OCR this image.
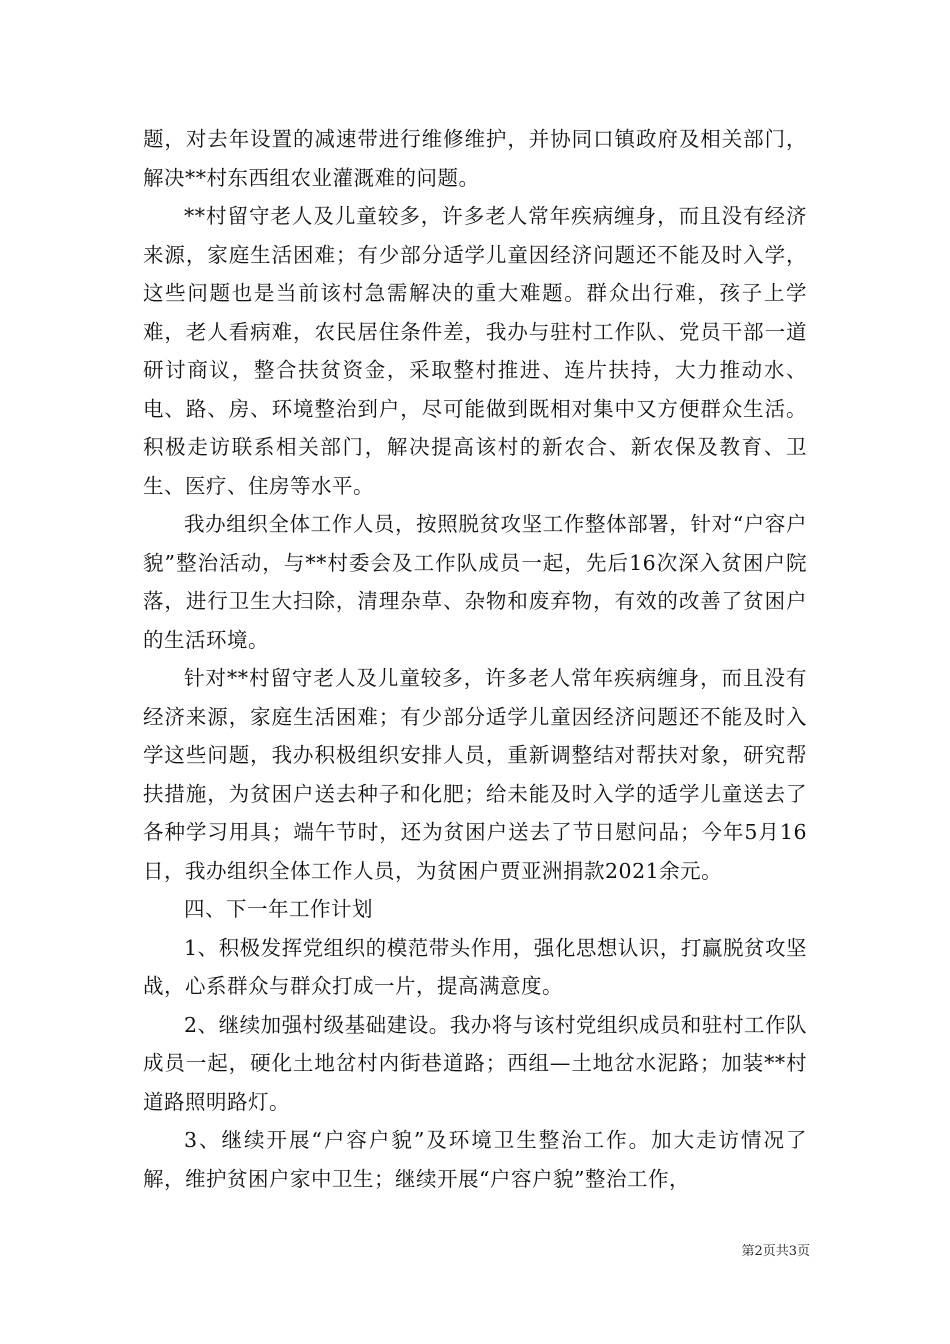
题，对去年设置的减速带进行维修维护，并协同口镇政府及相关部门，解决**村东西组农业灌溉难的问题。

**村留守老人及儿童较多，许多老人常年疾病缠身，而且没有经济来源，家庭生活困难；有少部分适学儿童因经济问题还不能及时入学，这些问题也是当前该村急需解决的重大难题。群众出行难，孩子上学难，老人看病难，农民居住条件差，我办与驻村工作队、党员干部一道研讨商议，整合扶贫资金，采取整村推进、连片扶持，大力推动水、电、路、房、环境整治到户，尽可能做到既相对集中又方便群众生活。积极走访联系相关部门，解决提高该村的新农合、新农保及教育、卫生、医疗、住房等水平。

我办组织全体工作人员，按照脱贫攻坚工作整体部署，针对“户容户貌”整治活动，与**村委会及工作队成员一起，先后16次深入贫困户院落，进行卫生大扫除，清理杂草、杂物和废弃物，有效的改善了贫困户的生活环境。

针对**村留守老人及儿童较多，许多老人常年疾病缠身，而且没有经济来源，家庭生活困难；有少部分适学儿童因经济问题还不能及时入学这些问题，我办积极组织安排人员，重新调整结对帮扶对象，研究帮扶措施，为贫困户送去种子和化肥；给未能及时入学的适学儿童送去了各种学习用具；端午节时，还为贫困户送去了节日慰问品；今年5月16日，我办组织全体工作人员，为贫困户贾亚洲捐款2021余元。

四、下一年工作计划

1、积极发挥党组织的模范带头作用，强化思想认识，打赢脱贫攻坚战，心系群众与群众打成一片，提高满意度。

2、继续加强村级基础建设。我办将与该村党组织成员和驻村工作队成员一起，硬化土地岔村内街巷道路；西组—土地岔水泥路；加装**村道路照明路灯。

3、继续开展“户容户貌”及环境卫生整治工作。加大走访情况了解，维护贫困户家中卫生；继续开展“户容户貌”整治工作，

第2页共3页
